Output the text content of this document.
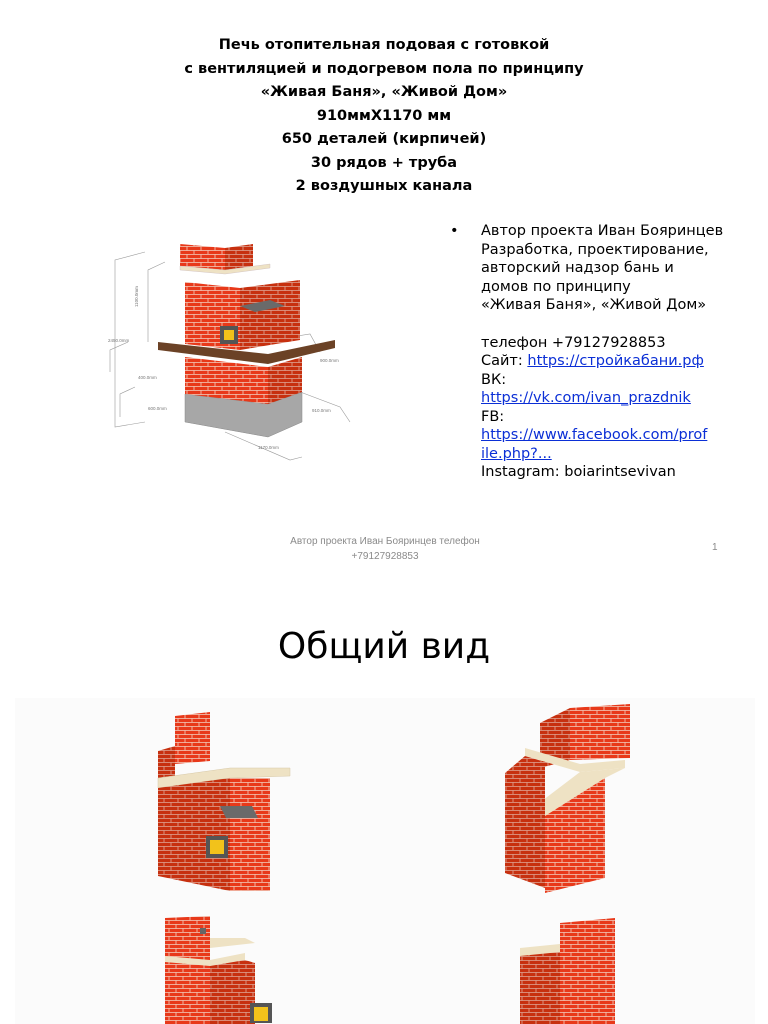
Печь отопительная подовая с готовкой
с вентиляцией и подогревом пола по принципу
«Живая Баня», «Живой Дом»
910ммХ1170 мм
650 деталей (кирпичей)
30 рядов + труба
2 воздушных канала
1100.0mm
2450.0mm
400.0mm
600.0mm
900.0mm
910.0mm
1170.0mm
• Автор проекта Иван Бояринцев
Разработка, проектирование,
авторский надзор бань и
домов по принципу
«Живая Баня», «Живой Дом»
телефон +79127928853
Сайт: https://стройкабани.рф
ВК:
https://vk.com/ivan_prazdnik
FB:
https://www.facebook.com/prof
ile.php?...
Instagram: boiarintsevivan
Автор проекта Иван Бояринцев телефон
+79127928853
1
Общий вид
